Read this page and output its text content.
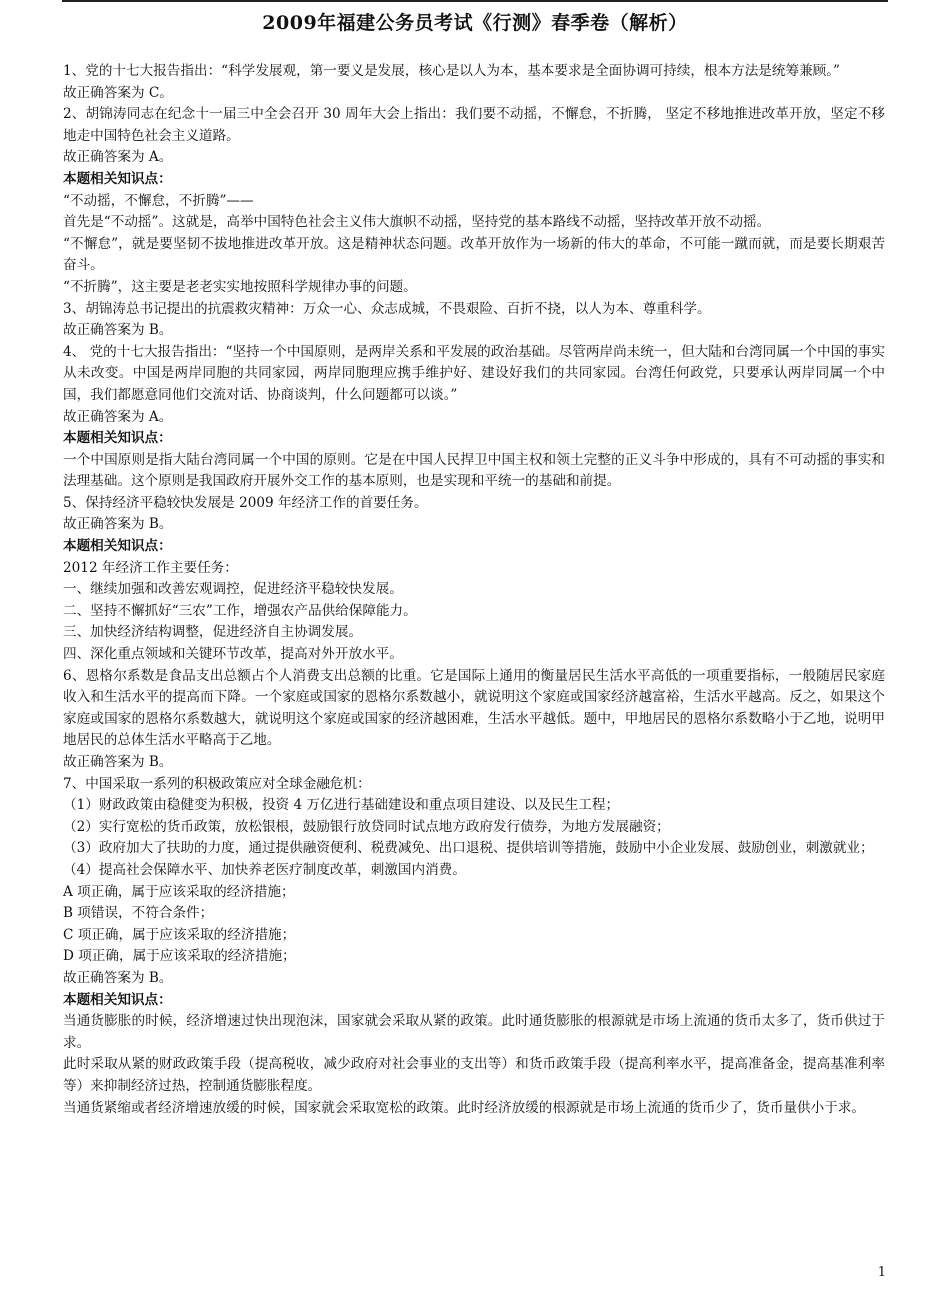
2009年福建公务员考试《行测》春季卷（解析）

1、党的十七大报告指出：“科学发展观，第一要义是发展，核心是以人为本，基本要求是全面协调可持续，根本方法是统筹兼顾。”

故正确答案为 C。

2、胡锦涛同志在纪念十一届三中全会召开 30 周年大会上指出：我们要不动摇，不懈怠，不折腾， 坚定不移地推进改革开放，坚定不移地走中国特色社会主义道路。

故正确答案为 A。

本题相关知识点：

“不动摇，不懈怠，不折腾”——

首先是“不动摇”。这就是，高举中国特色社会主义伟大旗帜不动摇，坚持党的基本路线不动摇，坚持改革开放不动摇。

“不懈怠”，就是要坚韧不拔地推进改革开放。这是精神状态问题。改革开放作为一场新的伟大的革命，不可能一蹴而就，而是要长期艰苦奋斗。

“不折腾”，这主要是老老实实地按照科学规律办事的问题。

3、胡锦涛总书记提出的抗震救灾精神：万众一心、众志成城，不畏艰险、百折不挠，以人为本、尊重科学。

故正确答案为 B。

4、 党的十七大报告指出：“坚持一个中国原则，是两岸关系和平发展的政治基础。尽管两岸尚未统一，但大陆和台湾同属一个中国的事实从未改变。中国是两岸同胞的共同家园，两岸同胞理应携手维护好、建设好我们的共同家园。台湾任何政党，只要承认两岸同属一个中国，我们都愿意同他们交流对话、协商谈判，什么问题都可以谈。”

故正确答案为 A。

本题相关知识点：

一个中国原则是指大陆台湾同属一个中国的原则。它是在中国人民捍卫中国主权和领土完整的正义斗争中形成的，具有不可动摇的事实和法理基础。这个原则是我国政府开展外交工作的基本原则，也是实现和平统一的基础和前提。

5、保持经济平稳较快发展是 2009 年经济工作的首要任务。

故正确答案为 B。

本题相关知识点：

2012 年经济工作主要任务：

一、继续加强和改善宏观调控，促进经济平稳较快发展。

二、坚持不懈抓好“三农”工作，增强农产品供给保障能力。

三、加快经济结构调整，促进经济自主协调发展。

四、深化重点领域和关键环节改革，提高对外开放水平。

6、恩格尔系数是食品支出总额占个人消费支出总额的比重。它是国际上通用的衡量居民生活水平高低的一项重要指标，一般随居民家庭收入和生活水平的提高而下降。一个家庭或国家的恩格尔系数越小，就说明这个家庭或国家经济越富裕，生活水平越高。反之，如果这个家庭或国家的恩格尔系数越大，就说明这个家庭或国家的经济越困难，生活水平越低。题中，甲地居民的恩格尔系数略小于乙地，说明甲地居民的总体生活水平略高于乙地。

故正确答案为 B。

7、中国采取一系列的积极政策应对全球金融危机：

（1）财政政策由稳健变为积极，投资 4 万亿进行基础建设和重点项目建设、以及民生工程；

（2）实行宽松的货币政策，放松银根，鼓励银行放贷同时试点地方政府发行债券，为地方发展融资；

（3）政府加大了扶助的力度，通过提供融资便利、税费减免、出口退税、提供培训等措施，鼓励中小企业发展、鼓励创业，刺激就业；

（4）提高社会保障水平、加快养老医疗制度改革，刺激国内消费。

A 项正确，属于应该采取的经济措施；

B 项错误，不符合条件；

C 项正确，属于应该采取的经济措施；

D 项正确，属于应该采取的经济措施；

故正确答案为 B。

本题相关知识点：

当通货膨胀的时候，经济增速过快出现泡沫，国家就会采取从紧的政策。此时通货膨胀的根源就是市场上流通的货币太多了，货币供过于求。

此时采取从紧的财政政策手段（提高税收，减少政府对社会事业的支出等）和货币政策手段（提高利率水平，提高准备金，提高基准利率等）来抑制经济过热，控制通货膨胀程度。

当通货紧缩或者经济增速放缓的时候，国家就会采取宽松的政策。此时经济放缓的根源就是市场上流通的货币少了，货币量供小于求。

1
